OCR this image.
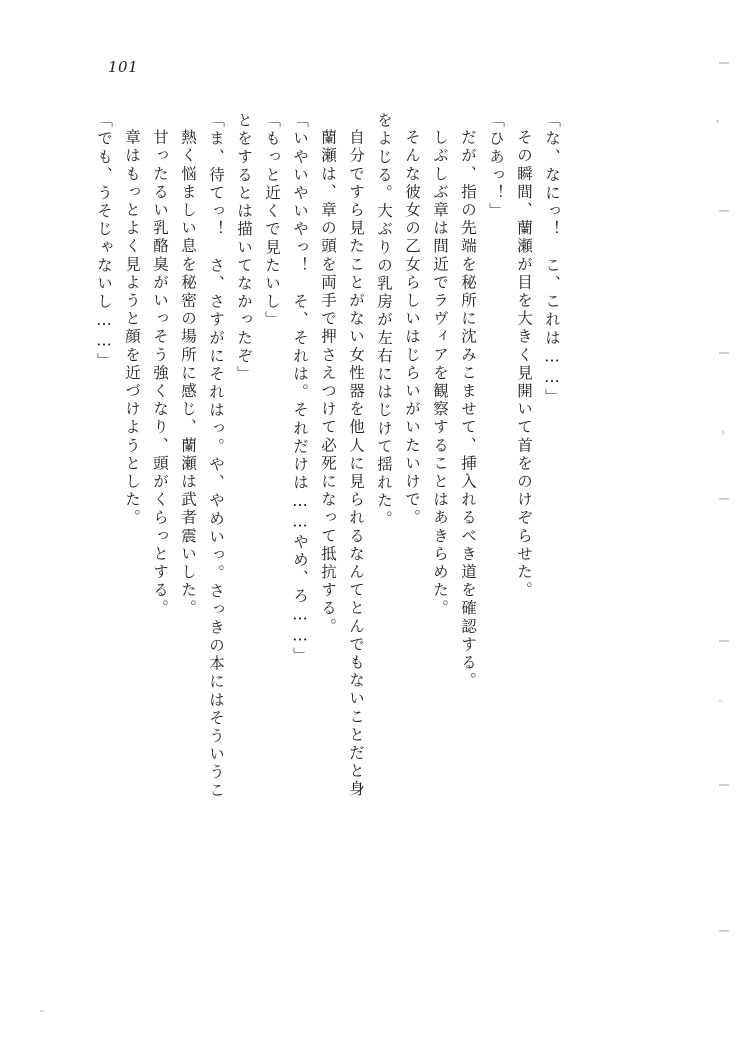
101
「でも、うそじゃないし……」 章はもっとよく見ようと顔を近づけようとした。 甘ったるい乳酪臭がいっそう強くなり、頭がくらっとする。 熱く悩ましい息を秘密の場所に感じ、蘭瀬は武者震いした。 「ま、待てっ！　さ、さすがにそれはっ。や、やめいっ。さっきの本にはそういうこ とをするとは描いてなかったぞ」 「もっと近くで見たいし」 「いやいやいやっ！　そ、それは。それだけは……やめ、ろ……」 蘭瀬は、章の頭を両手で押さえつけて必死になって抵抗する。 自分ですら見たことがない女性器を他人に見られるなんてとんでもないことだと身 をよじる。大ぶりの乳房が左右にはじけて揺れた。 そんな彼女の乙女らしいはじらいがいたいけで。 しぶしぶ章は間近でラヴィアを観察することはあきらめた。 だが、指の先端を秘所に沈みこませて、挿入れるべき道を確認する。 「ひあっ！」 その瞬間、蘭瀬が目を大きく見開いて首をのけぞらせた。 「な、なにっ！　こ、これは……」
